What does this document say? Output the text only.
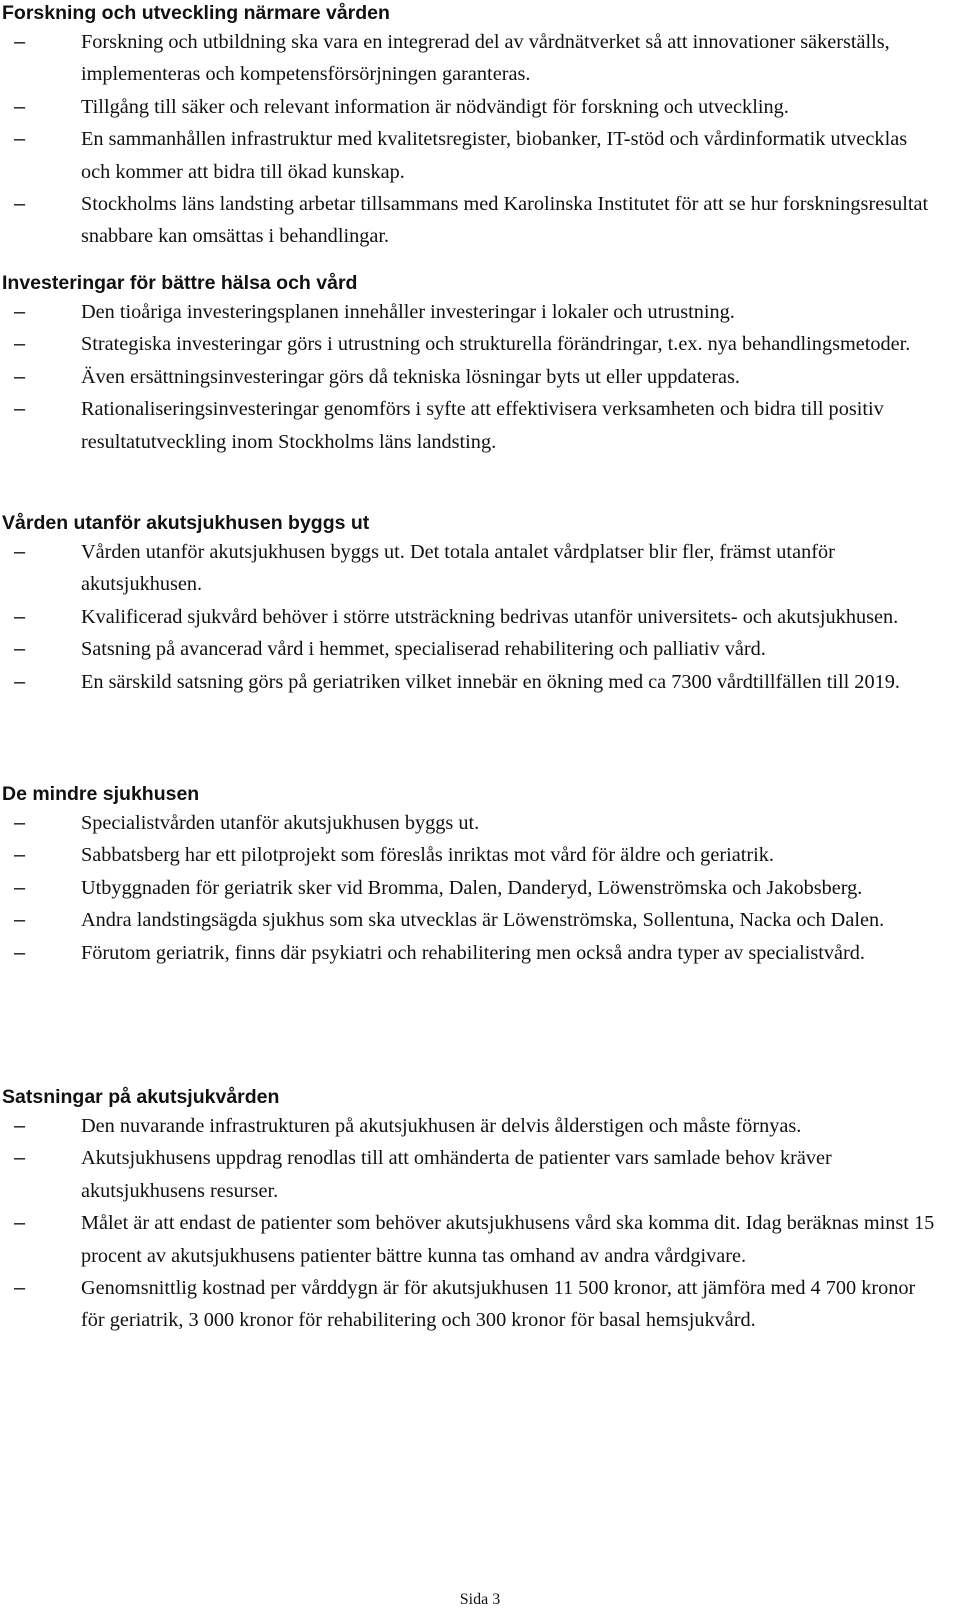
Forskning och utveckling närmare vården
–	Forskning och utbildning ska vara en integrerad del av vårdnätverket så att innovationer säkerställs, implementeras och kompetensförsörjningen garanteras.
–	Tillgång till säker och relevant information är nödvändigt för forskning och utveckling.
–	En sammanhållen infrastruktur med kvalitetsregister, biobanker, IT-stöd och vårdinformatik utvecklas och kommer att bidra till ökad kunskap.
–	Stockholms läns landsting arbetar tillsammans med Karolinska Institutet för att se hur forskningsresultat snabbare kan omsättas i behandlingar.
Investeringar för bättre hälsa och vård
–	Den tioåriga investeringsplanen innehåller investeringar i lokaler och utrustning.
–	Strategiska investeringar görs i utrustning och strukturella förändringar, t.ex. nya behandlingsmetoder.
–	Även ersättningsinvesteringar görs då tekniska lösningar byts ut eller uppdateras.
–	Rationaliseringsinvesteringar genomförs i syfte att effektivisera verksamheten och bidra till positiv resultatutveckling inom Stockholms läns landsting.
Vården utanför akutsjukhusen byggs ut
–	Vården utanför akutsjukhusen byggs ut. Det totala antalet vårdplatser blir fler, främst utanför akutsjukhusen.
–	Kvalificerad sjukvård behöver i större utsträckning bedrivas utanför universitets- och akutsjukhusen.
–	Satsning på avancerad vård i hemmet, specialiserad rehabilitering och palliativ vård.
–	En särskild satsning görs på geriatriken vilket innebär en ökning med ca 7300 vårdtillfällen till 2019.
De mindre sjukhusen
–	Specialistvården utanför akutsjukhusen byggs ut.
–	Sabbatsberg har ett pilotprojekt som föreslås inriktas mot vård för äldre och geriatrik.
–	Utbyggnaden för geriatrik sker vid Bromma, Dalen, Danderyd, Löwenströmska och Jakobsberg.
–	Andra landstingsägda sjukhus som ska utvecklas är Löwenströmska, Sollentuna, Nacka och Dalen.
–	Förutom geriatrik, finns där psykiatri och rehabilitering men också andra typer av specialistvård.
Satsningar på akutsjukvården
–	Den nuvarande infrastrukturen på akutsjukhusen är delvis ålderstigen och måste förnyas.
–	Akutsjukhusens uppdrag renodlas till att omhänderta de patienter vars samlade behov kräver akutsjukhusens resurser.
–	Målet är att endast de patienter som behöver akutsjukhusens vård ska komma dit. Idag beräknas minst 15 procent av akutsjukhusens patienter bättre kunna tas omhand av andra vårdgivare.
–	Genomsnittlig kostnad per vårddygn är för akutsjukhusen 11 500 kronor, att jämföra med 4 700 kronor för geriatrik, 3 000 kronor för rehabilitering och 300 kronor för basal hemsjukvård.
Sida 3
